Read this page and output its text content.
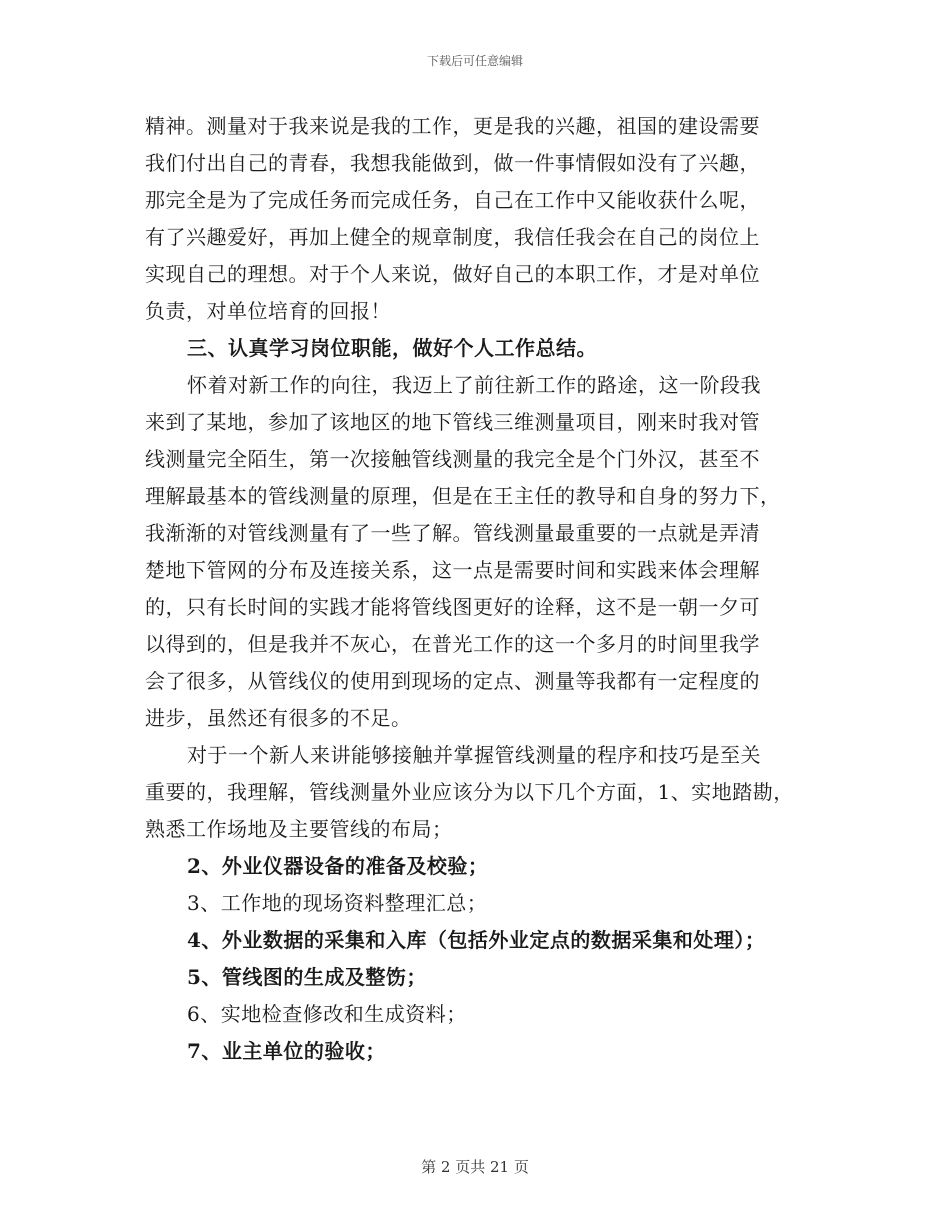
下载后可任意编辑
精神。测量对于我来说是我的工作，更是我的兴趣，祖国的建设需要
我们付出自己的青春，我想我能做到，做一件事情假如没有了兴趣，
那完全是为了完成任务而完成任务，自己在工作中又能收获什么呢，
有了兴趣爱好，再加上健全的规章制度，我信任我会在自己的岗位上
实现自己的理想。对于个人来说，做好自己的本职工作，才是对单位
负责，对单位培育的回报！
三、认真学习岗位职能，做好个人工作总结。
怀着对新工作的向往，我迈上了前往新工作的路途，这一阶段我
来到了某地，参加了该地区的地下管线三维测量项目，刚来时我对管
线测量完全陌生，第一次接触管线测量的我完全是个门外汉，甚至不
理解最基本的管线测量的原理，但是在王主任的教导和自身的努力下，
我渐渐的对管线测量有了一些了解。管线测量最重要的一点就是弄清
楚地下管网的分布及连接关系，这一点是需要时间和实践来体会理解
的，只有长时间的实践才能将管线图更好的诠释，这不是一朝一夕可
以得到的，但是我并不灰心，在普光工作的这一个多月的时间里我学
会了很多，从管线仪的使用到现场的定点、测量等我都有一定程度的
进步，虽然还有很多的不足。
对于一个新人来讲能够接触并掌握管线测量的程序和技巧是至关
重要的，我理解，管线测量外业应该分为以下几个方面，1、实地踏勘，
熟悉工作场地及主要管线的布局；
2、外业仪器设备的准备及校验；
3、工作地的现场资料整理汇总；
4、外业数据的采集和入库（包括外业定点的数据采集和处理）；
5、管线图的生成及整饬；
6、实地检查修改和生成资料；
7、业主单位的验收；
第 2 页共 21 页
